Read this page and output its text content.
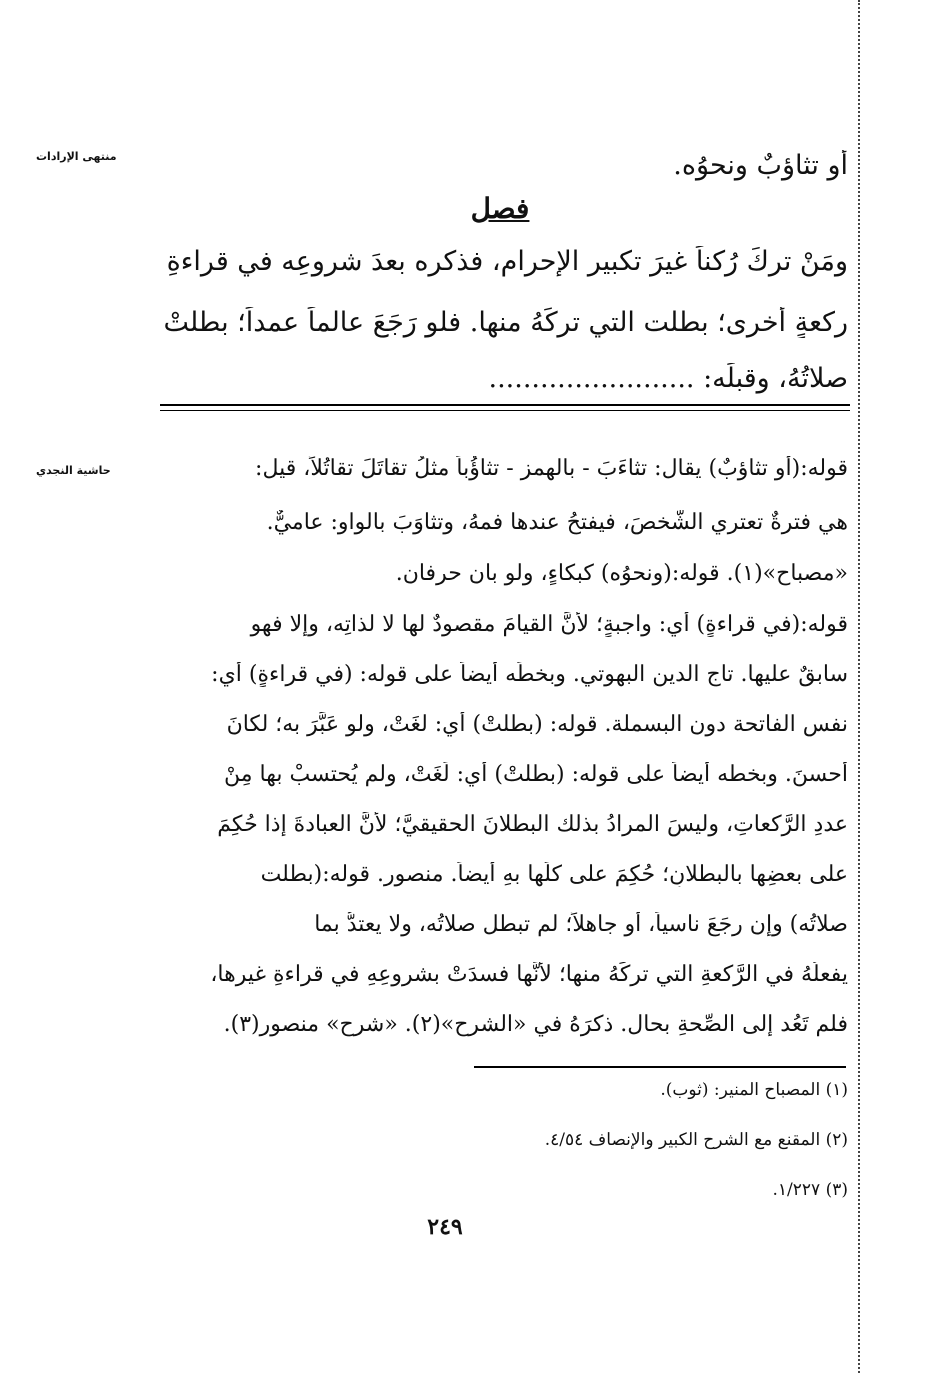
منتهى الإرادات
حاشية النجدي
أو تثاؤبٌ ونحوُه.
فصل
ومَنْ تركَ رُكناً غيرَ تكبيرِ الإحرامِ، فذكره بعدَ شروعِه في قراءةِ
ركعةٍ أخرى؛ بطلت التي تركَهُ منها. فلو رَجَعَ عالماً عمداً؛ بطلتْ
صلاتُهُ، وقبلَه: ........................
قوله:(أو تثاؤبٌ) يقال: تثاءَبَ - بالهمز - تثاؤُباً مثلُ تقاتَلَ تقاتُلاً، قيل:
هي فترةٌ تعتري الشَّخصَ، فيفتحُ عندها فمهُ، وتثاوَبَ بالواو: عاميٌّ.
«مصباح»(١). قوله:(ونحوُه) كبكاءٍ، ولو بان حرفان.
قوله:(في قراءةٍ) أي: واجبةٍ؛ لأنَّ القيامَ مقصودٌ لها لا لذاتِه، وإلا فهو
سابقٌ عليها. تاج الدين البهوتي. وبخطِّه أيضاً على قوله: (في قراءةٍ) أي:
نفس الفاتحة دون البسملة. قوله: (بطلتْ) أي: لغَتْ، ولو عَبَّرَ به؛ لكانَ
أحسنَ. وبخطه أيضاً على قوله: (بطلتْ) أي: لَغَتْ، ولم يُحتسبْ بها مِنْ
عددِ الرَّكعاتِ، وليسَ المرادُ بذلك البطلانَ الحقيقيَّ؛ لأنَّ العبادةَ إذا حُكِمَ
على بعضِها بالبطلانِ؛ حُكِمَ على كلِّها بهِ أيضاً. منصور. قوله:(بطلت
صلاتُه) وإن رجَعَ ناسياً، أو جاهلاً؛ لم تبطل صلاتُه، ولا يعتدُّ بما
يفعلُهُ في الرَّكعةِ التي تركَهُ منها؛ لأنَّها فسدَتْ بشروعِهِ في قراءةِ غيرِها،
فلم تَعُد إلى الصِّحةِ بحال. ذكرَهُ في «الشرح»(٢). «شرح» منصور(٣).
(١) المصباح المنير: (ثوب).
(٢) المقنع مع الشرح الكبير والإنصاف ٤/٥٤.
(٣) ١/٢٢٧.
٢٤٩
